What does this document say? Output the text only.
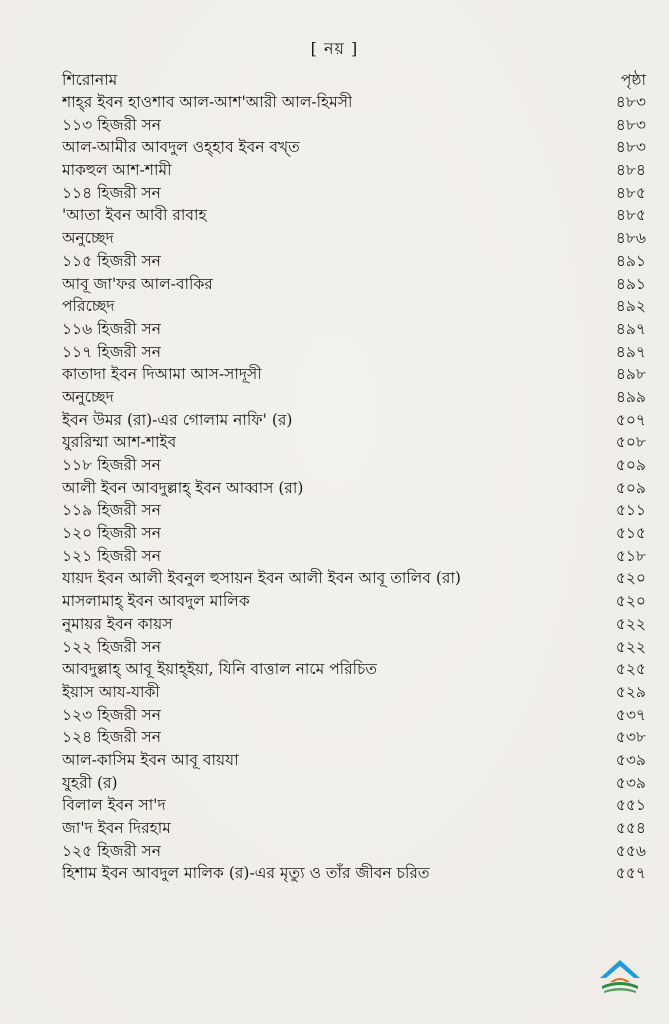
[ নয় ]
শিরোনাম	পৃষ্ঠা
শাহ্‌র ইবন হাওশাব আল-আশ'আরী আল-হিমসী	৪৮৩
১১৩ হিজরী সন	৪৮৩
আল-আমীর আবদুল ওহ্‌হাব ইবন বখ্‌ত	৪৮৩
মাকহুল আশ-শামী	৪৮৪
১১৪ হিজরী সন	৪৮৫
'আতা ইবন আবী রাবাহ	৪৮৫
অনুচ্ছেদ	৪৮৬
১১৫ হিজরী সন	৪৯১
আবূ জা'ফর আল-বাকির	৪৯১
পরিচ্ছেদ	৪৯২
১১৬ হিজরী সন	৪৯৭
১১৭ হিজরী সন	৪৯৭
কাতাদা ইবন দিআমা আস-সাদূসী	৪৯৮
অনুচ্ছেদ	৪৯৯
ইবন উমর (রা)-এর গোলাম নাফি' (র)	৫০৭
যুররিম্মা আশ-শাইব	৫০৮
১১৮ হিজরী সন	৫০৯
আলী ইবন আবদুল্লাহ্‌ ইবন আব্বাস (রা)	৫০৯
১১৯ হিজরী সন	৫১১
১২০ হিজরী সন	৫১৫
১২১ হিজরী সন	৫১৮
যায়দ ইবন আলী ইবনুল হুসায়ন ইবন আলী ইবন আবূ তালিব (রা)	৫২০
মাসলামাহ্‌ ইবন আবদুল মালিক	৫২০
নুমায়র ইবন কায়স	৫২২
১২২ হিজরী সন	৫২২
আবদুল্লাহ্‌ আবূ ইয়াহ্‌ইয়া, যিনি বাত্তাল নামে পরিচিত	৫২৫
ইয়াস আয-যাকী	৫২৯
১২৩ হিজরী সন	৫৩৭
১২৪ হিজরী সন	৫৩৮
আল-কাসিম ইবন আবূ বায়যা	৫৩৯
যুহরী (র)	৫৩৯
বিলাল ইবন সা'দ	৫৫১
জা'দ ইবন দিরহাম	৫৫৪
১২৫ হিজরী সন	৫৫৬
হিশাম ইবন আবদুল মালিক (র)-এর মৃত্যু ও তাঁর জীবন চরিত	৫৫৭
